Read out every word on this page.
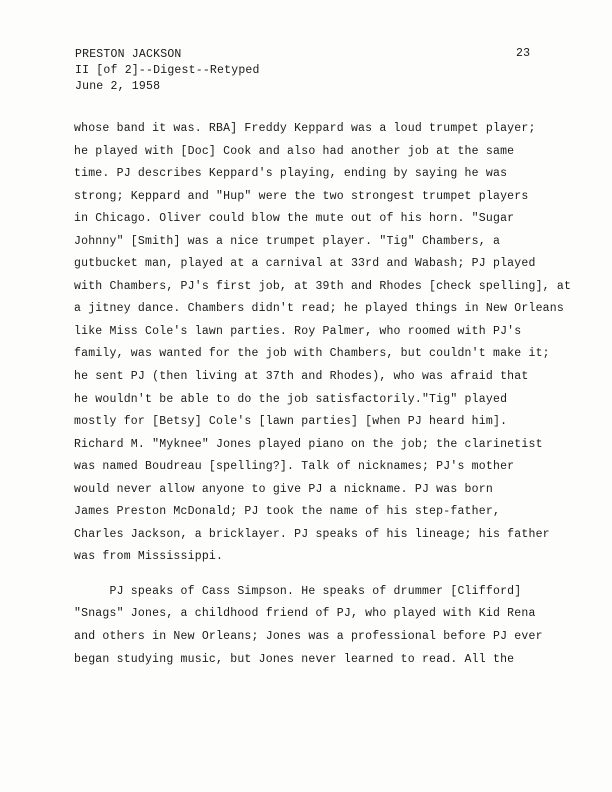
PRESTON JACKSON
II [of 2]--Digest--Retyped
June 2, 1958
23
whose band it was. RBA] Freddy Keppard was a loud trumpet player;
he played with [Doc] Cook and also had another job at the same
time. PJ describes Keppard's playing, ending by saying he was
strong; Keppard and "Hup" were the two strongest trumpet players
in Chicago. Oliver could blow the mute out of his horn. "Sugar
Johnny" [Smith] was a nice trumpet player. "Tig" Chambers, a
gutbucket man, played at a carnival at 33rd and Wabash; PJ played
with Chambers, PJ's first job, at 39th and Rhodes [check spelling], at
a jitney dance. Chambers didn't read; he played things in New Orleans
like Miss Cole's lawn parties. Roy Palmer, who roomed with PJ's
family, was wanted for the job with Chambers, but couldn't make it;
he sent PJ (then living at 37th and Rhodes), who was afraid that
he wouldn't be able to do the job satisfactorily."Tig" played
mostly for [Betsy] Cole's [lawn parties] [when PJ heard him].
Richard M. "Myknee" Jones played piano on the job; the clarinetist
was named Boudreau [spelling?]. Talk of nicknames; PJ's mother
would never allow anyone to give PJ a nickname. PJ was born
James Preston McDonald; PJ took the name of his step-father,
Charles Jackson, a bricklayer. PJ speaks of his lineage; his father
was from Mississippi.
PJ speaks of Cass Simpson. He speaks of drummer [Clifford]
"Snags" Jones, a childhood friend of PJ, who played with Kid Rena
and others in New Orleans; Jones was a professional before PJ ever
began studying music, but Jones never learned to read. All the
